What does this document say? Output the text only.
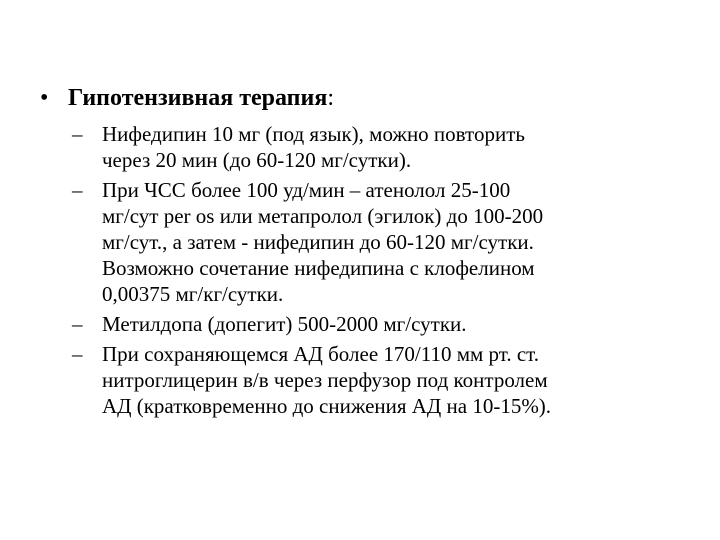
• Гипотензивная терапия:
– Нифедипин 10 мг (под язык), можно повторить
через 20 мин (до 60-120 мг/сутки).
– При ЧСС более 100 уд/мин – атенолол 25-100
мг/сут per os или метапролол (эгилок) до 100-200
мг/сут., а затем - нифедипин до 60-120 мг/сутки.
Возможно сочетание нифедипина с клофелином
0,00375 мг/кг/сутки.
– Метилдопа (допегит) 500-2000 мг/сутки.
– При сохраняющемся АД более 170/110 мм рт. ст.
нитроглицерин в/в через перфузор под контролем
АД (кратковременно до снижения АД на 10-15%).
